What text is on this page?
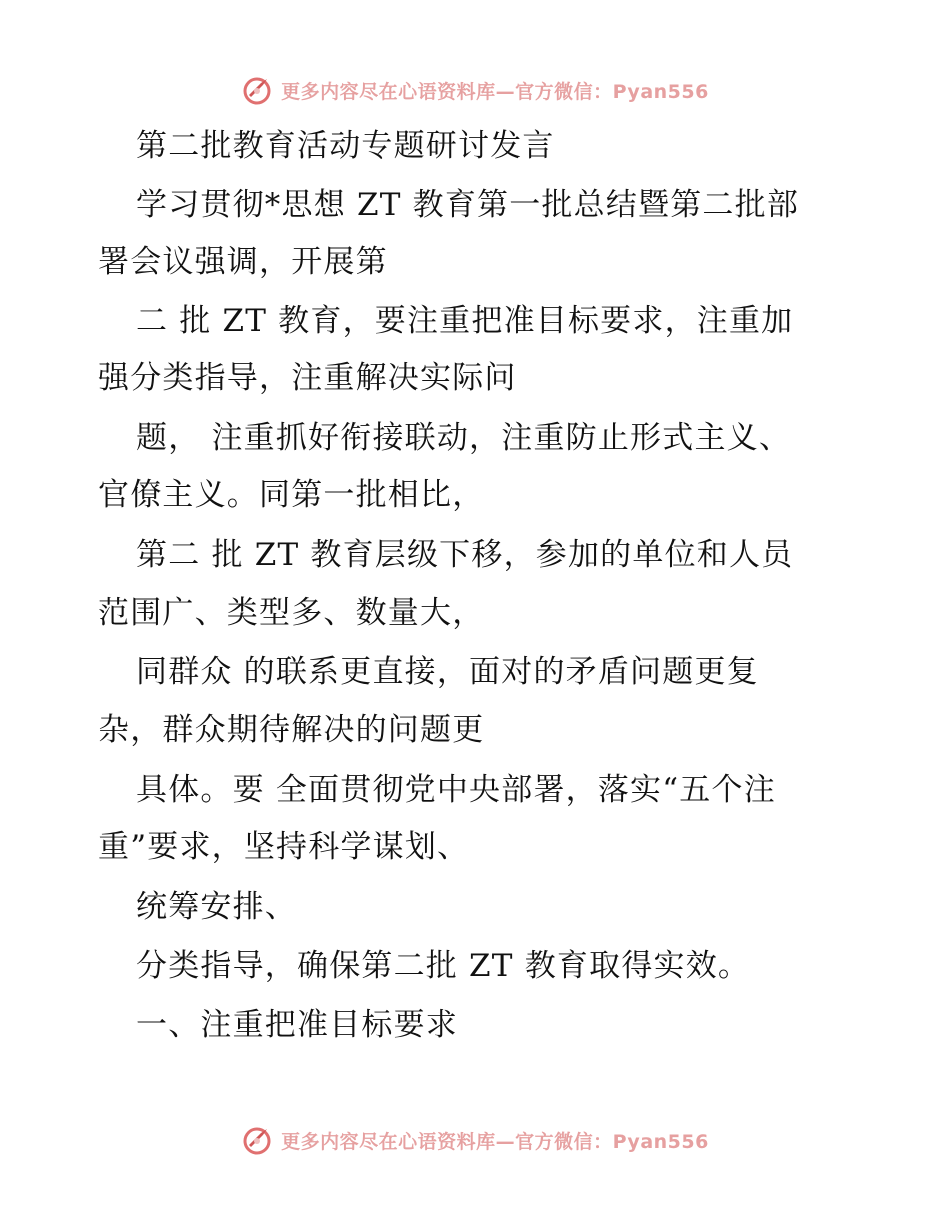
更多内容尽在心语资料库—官方微信：Pyan556
第二批教育活动专题研讨发言
学习贯彻*思想 ZT 教育第一批总结暨第二批部
署会议强调，开展第
二 批 ZT 教育，要注重把准目标要求，注重加
强分类指导，注重解决实际问
题， 注重抓好衔接联动，注重防止形式主义、
官僚主义。同第一批相比，
第二 批 ZT 教育层级下移，参加的单位和人员
范围广、类型多、数量大，
同群众 的联系更直接，面对的矛盾问题更复
杂，群众期待解决的问题更
具体。要 全面贯彻党中央部署，落实“五个注
重”要求，坚持科学谋划、
统筹安排、
分类指导，确保第二批 ZT 教育取得实效。
一、注重把准目标要求
更多内容尽在心语资料库—官方微信：Pyan556
